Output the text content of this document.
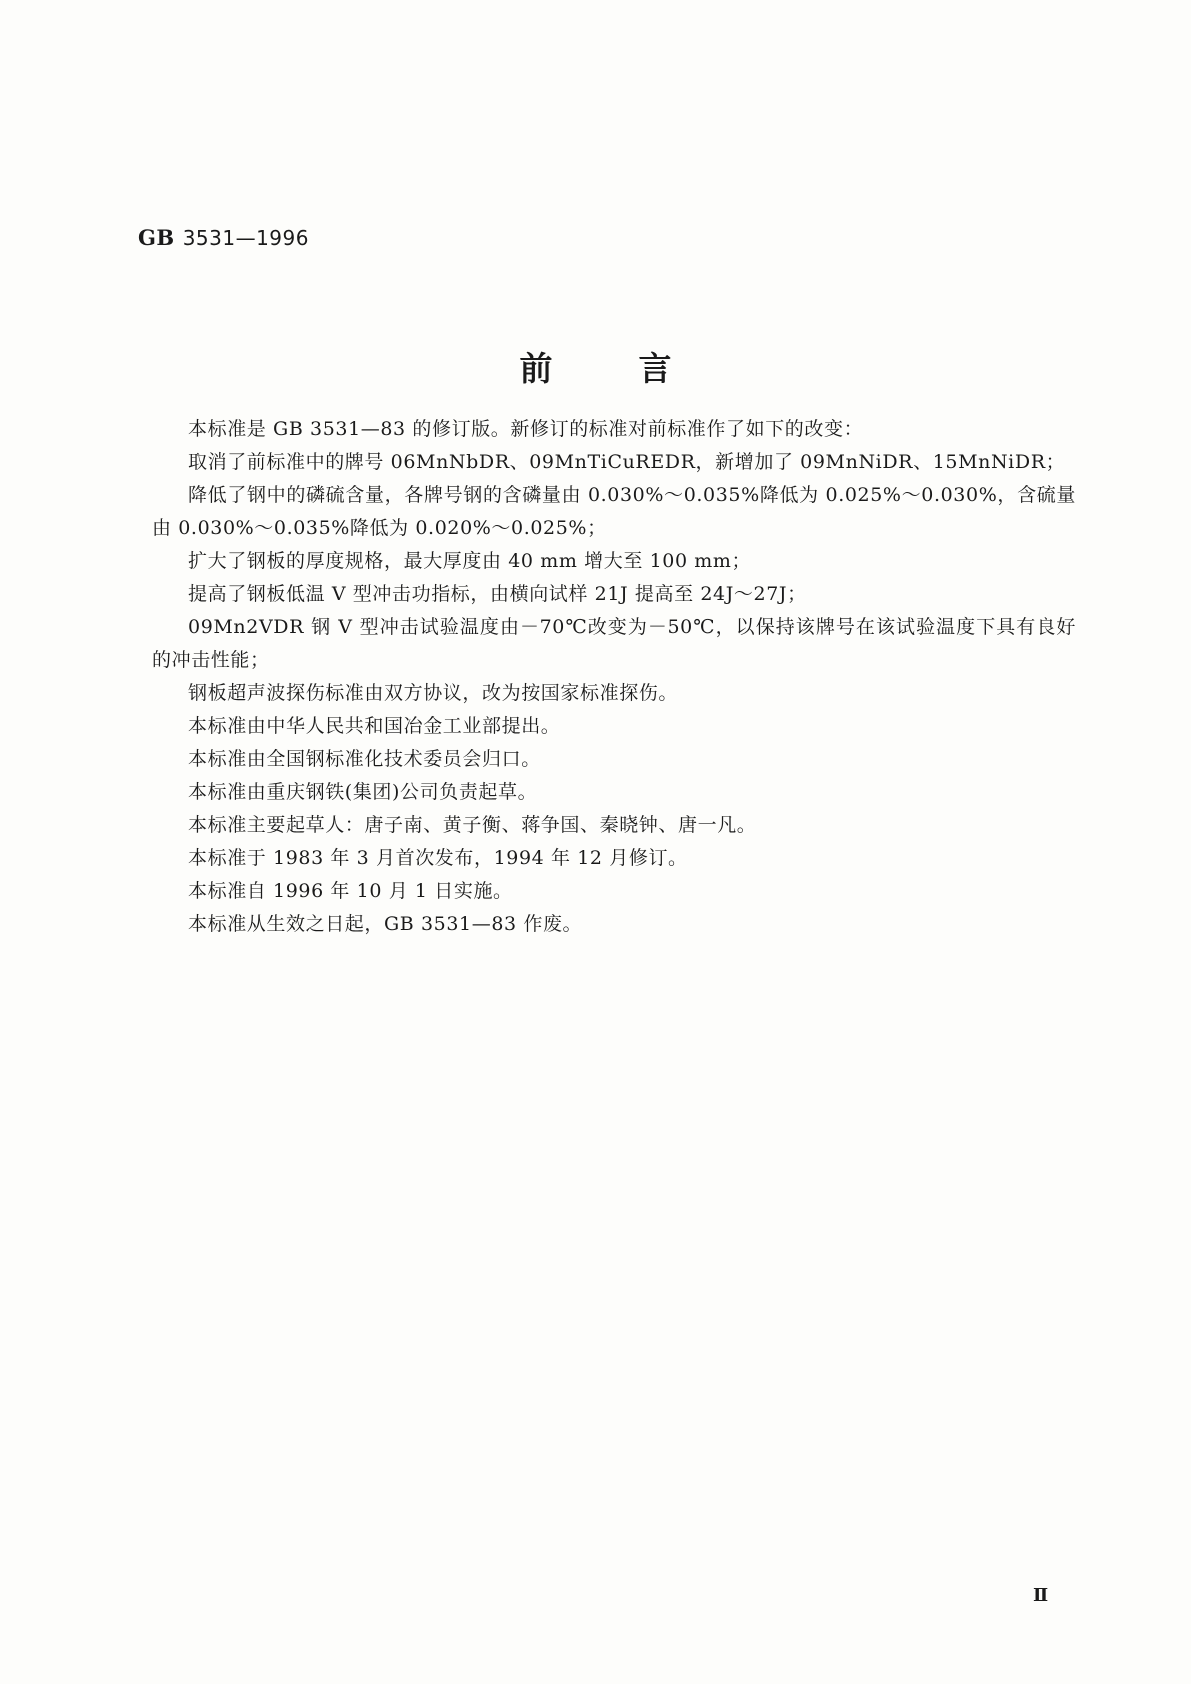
GB 3531—1996
前言

本标准是 GB 3531—83 的修订版。新修订的标准对前标准作了如下的改变：

取消了前标准中的牌号 06MnNbDR、09MnTiCuREDR，新增加了 09MnNiDR、15MnNiDR；

降低了钢中的磷硫含量，各牌号钢的含磷量由 0.030%～0.035%降低为 0.025%～0.030%，含硫量由 0.030%～0.035%降低为 0.020%～0.025%；

扩大了钢板的厚度规格，最大厚度由 40 mm 增大至 100 mm；

提高了钢板低温 V 型冲击功指标，由横向试样 21J 提高至 24J～27J；

09Mn2VDR 钢 V 型冲击试验温度由－70℃改变为－50℃，以保持该牌号在该试验温度下具有良好的冲击性能；

钢板超声波探伤标准由双方协议，改为按国家标准探伤。

本标准由中华人民共和国冶金工业部提出。

本标准由全国钢标准化技术委员会归口。

本标准由重庆钢铁(集团)公司负责起草。

本标准主要起草人：唐子南、黄子衡、蒋争国、秦晓钟、唐一凡。

本标准于 1983 年 3 月首次发布，1994 年 12 月修订。

本标准自 1996 年 10 月 1 日实施。

本标准从生效之日起，GB 3531—83 作废。

Ⅱ
